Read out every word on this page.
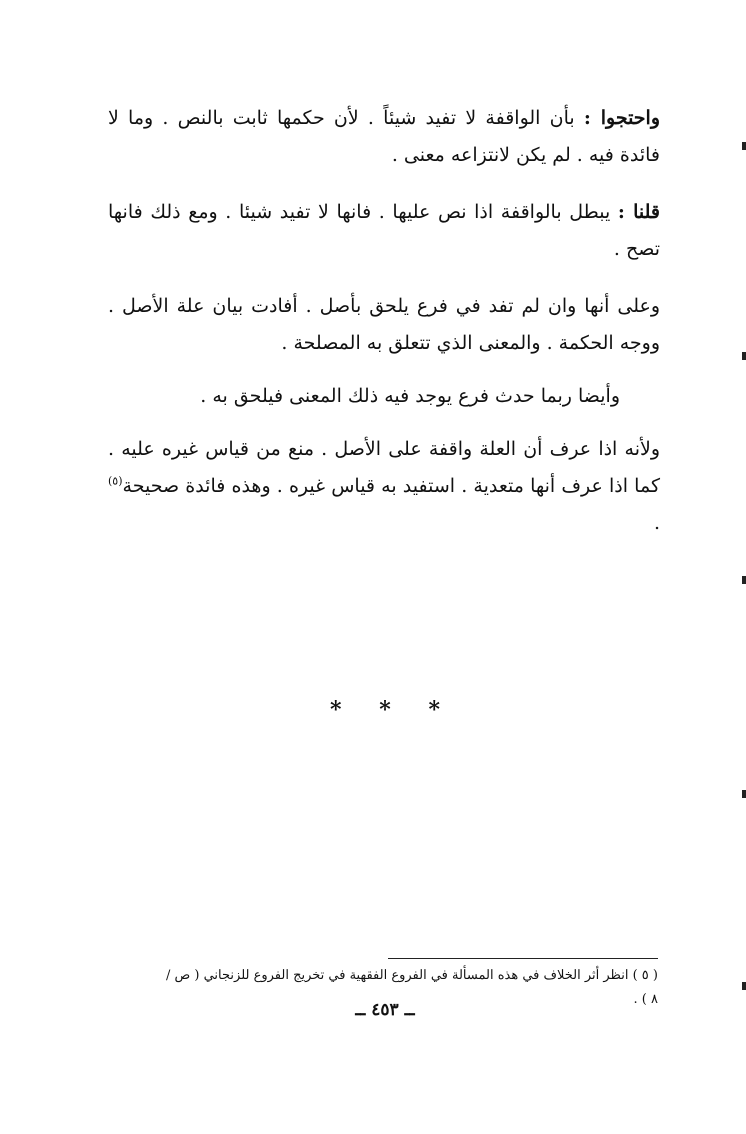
واحتجوا : بأن الواقفة لا تفيد شيئاً . لأن حكمها ثابت بالنص . وما لا فائدة فيه . لم يكن لانتزاعه معنى .

قلنا : يبطل بالواقفة اذا نص عليها . فانها لا تفيد شيئا . ومع ذلك فانها تصح .

وعلى أنها وان لم تفد في فرع يلحق بأصل . أفادت بيان علة الأصل . ووجه الحكمة . والمعنى الذي تتعلق به المصلحة .

وأيضا ربما حدث فرع يوجد فيه ذلك المعنى فيلحق به .

ولأنه اذا عرف أن العلة واقفة على الأصل . منع من قياس غيره عليه . كما اذا عرف أنها متعدية . استفيد به قياس غيره . وهذه فائدة صحيحة$^{(٥)}$ .

* * *
( ٥ ) انظر أثر الخلاف في هذه المسألة في الفروع الفقهية في تخريج الفروع للزنجاني ( ص / ٨ ) .
ــ ٤٥٣ ــ
